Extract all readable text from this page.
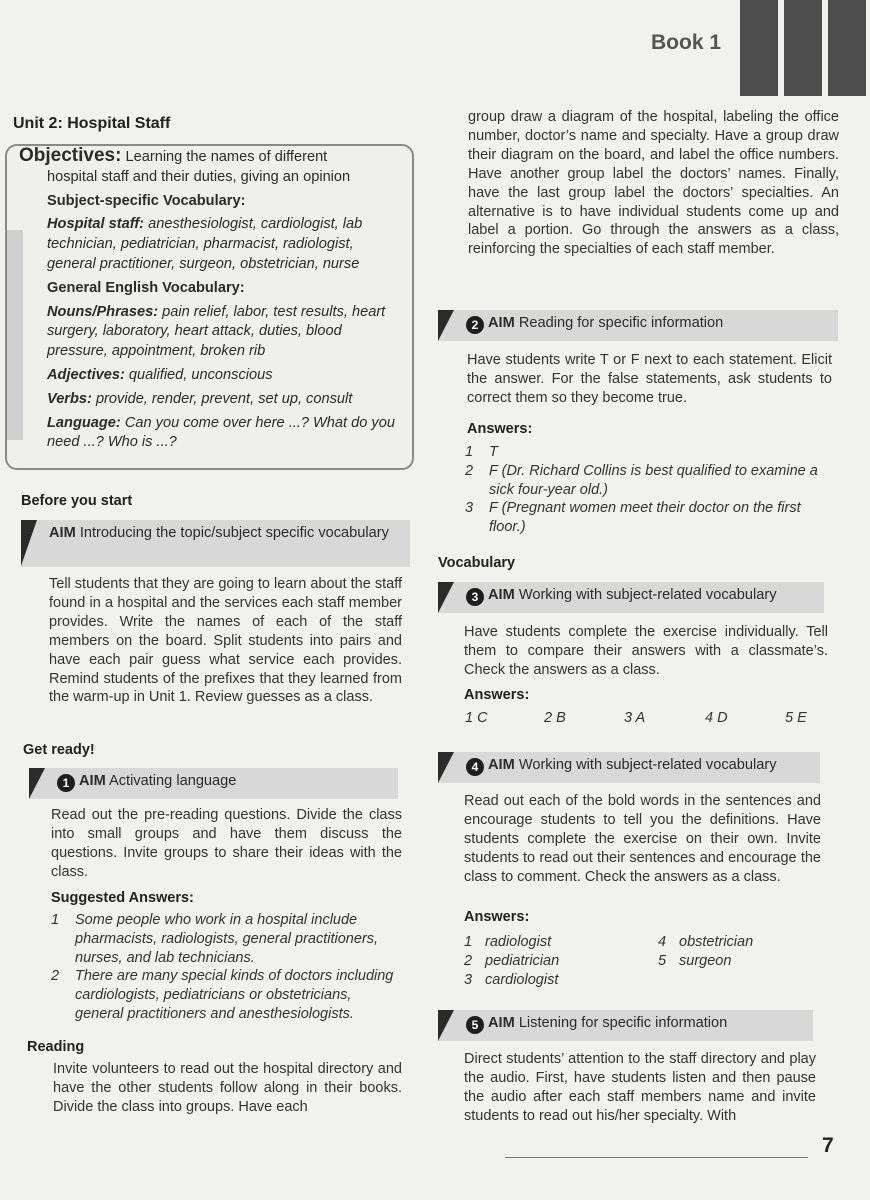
Book 1
Unit 2: Hospital Staff

Objectives: Learning the names of different

hospital staff and their duties, giving an opinion

Subject-specific Vocabulary:

Hospital staff: anesthesiologist, cardiologist, lab technician, pediatrician, pharmacist, radiologist, general practitioner, surgeon, obstetrician, nurse

General English Vocabulary:

Nouns/Phrases: pain relief, labor, test results, heart surgery, laboratory, heart attack, duties, blood pressure, appointment, broken rib

Adjectives: qualified, unconscious

Verbs: provide, render, prevent, set up, consult

Language: Can you come over here ...? What do you need ...? Who is ...?

Before you start
AIM Introducing the topic/subject specific vocabulary
Tell students that they are going to learn about the staff found in a hospital and the services each staff member provides. Write the names of each of the staff members on the board. Split students into pairs and have each pair guess what service each provides. Remind students of the prefixes that they learned from the warm-up in Unit 1. Review guesses as a class.
Get ready!
1 AIM Activating language
Read out the pre-reading questions. Divide the class into small groups and have them discuss the questions. Invite groups to share their ideas with the class.
Suggested Answers:
1 Some people who work in a hospital include pharmacists, radiologists, general practitioners, nurses, and lab technicians.
2 There are many special kinds of doctors including cardiologists, pediatricians or obstetricians, general practitioners and anesthesiologists.
Reading
Invite volunteers to read out the hospital directory and have the other students follow along in their books. Divide the class into groups. Have each
group draw a diagram of the hospital, labeling the office number, doctor’s name and specialty. Have a group draw their diagram on the board, and label the office numbers. Have another group label the doctors’ names. Finally, have the last group label the doctors’ specialties. An alternative is to have individual students come up and label a portion. Go through the answers as a class, reinforcing the specialties of each staff member.
2 AIM Reading for specific information
Have students write T or F next to each statement. Elicit the answer. For the false statements, ask students to correct them so they become true.
Answers:
1 T
2 F (Dr. Richard Collins is best qualified to examine a sick four-year old.)
3 F (Pregnant women meet their doctor on the first floor.)
Vocabulary
3 AIM Working with subject-related vocabulary
Have students complete the exercise individually. Tell them to compare their answers with a classmate’s. Check the answers as a class.
Answers:
1 C	2 B	3 A	4 D	5 E
4 AIM Working with subject-related vocabulary
Read out each of the bold words in the sentences and encourage students to tell you the definitions. Have students complete the exercise on their own. Invite students to read out their sentences and encourage the class to comment. Check the answers as a class.
Answers:
1 radiologist
2 pediatrician
3 cardiologist
4 obstetrician
5 surgeon
5 AIM Listening for specific information
Direct students’ attention to the staff directory and play the audio. First, have students listen and then pause the audio after each staff members name and invite students to read out his/her specialty. With
7
